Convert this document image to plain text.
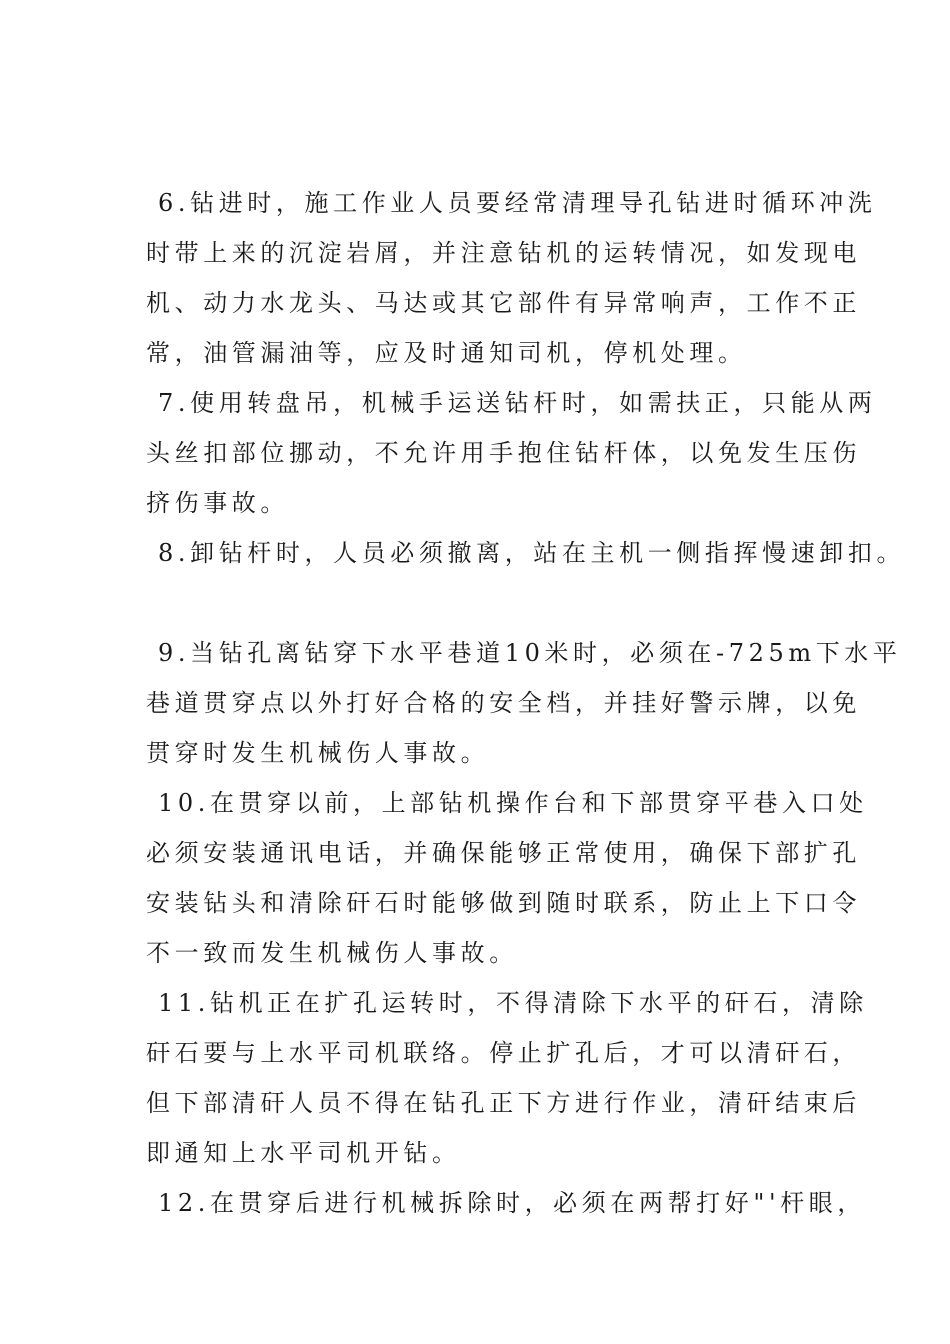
6.钻进时，施工作业人员要经常清理导孔钻进时循环冲洗
时带上来的沉淀岩屑，并注意钻机的运转情况，如发现电
机、动力水龙头、马达或其它部件有异常响声，工作不正
常，油管漏油等，应及时通知司机，停机处理。
7.使用转盘吊，机械手运送钻杆时，如需扶正，只能从两
头丝扣部位挪动，不允许用手抱住钻杆体，以免发生压伤
挤伤事故。
8.卸钻杆时，人员必须撤离，站在主机一侧指挥慢速卸扣。
9.当钻孔离钻穿下水平巷道10米时，必须在-725m下水平
巷道贯穿点以外打好合格的安全档，并挂好警示牌，以免
贯穿时发生机械伤人事故。
10.在贯穿以前，上部钻机操作台和下部贯穿平巷入口处
必须安装通讯电话，并确保能够正常使用，确保下部扩孔
安装钻头和清除矸石时能够做到随时联系，防止上下口令
不一致而发生机械伤人事故。
11.钻机正在扩孔运转时，不得清除下水平的矸石，清除
矸石要与上水平司机联络。停止扩孔后，才可以清矸石，
但下部清矸人员不得在钻孔正下方进行作业，清矸结束后
即通知上水平司机开钻。
12.在贯穿后进行机械拆除时，必须在两帮打好"'杆眼，
